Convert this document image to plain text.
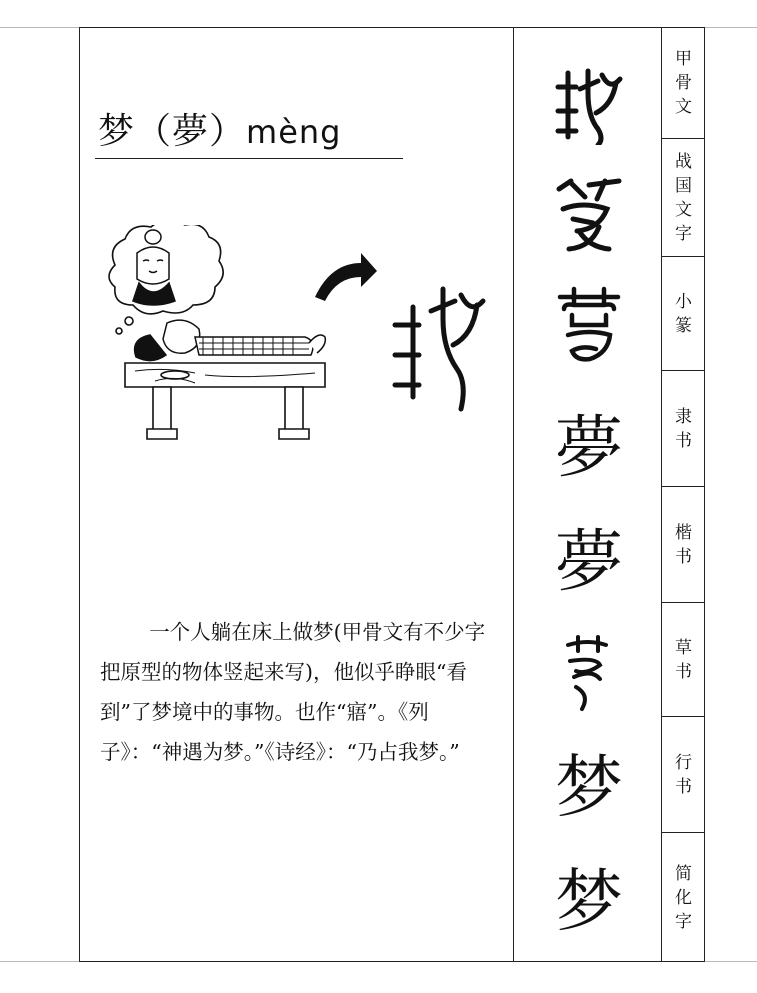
梦（夢）mèng

一个人躺在床上做梦(甲骨文有不少字把原型的物体竖起来写)，他似乎睁眼“看到”了梦境中的事物。也作“寤”。《列子》：“神遇为梦。”《诗经》：“乃占我梦。”

夢
夢
梦
梦
甲
骨
文
战
国
文
字
小
篆
隶
书
楷
书
草
书
行
书
简
化
字
